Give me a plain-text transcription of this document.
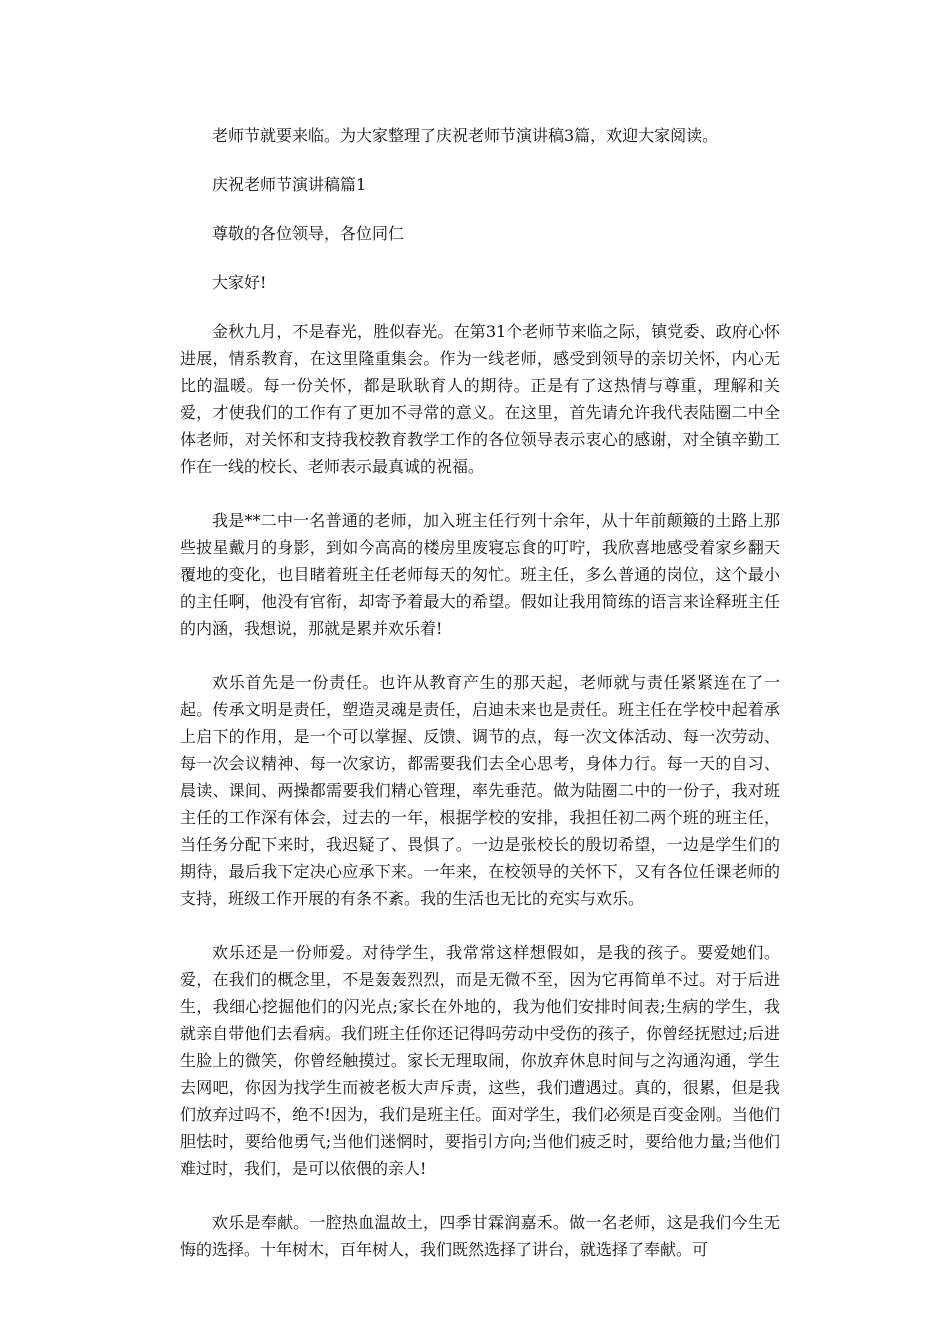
老师节就要来临。为大家整理了庆祝老师节演讲稿3篇，欢迎大家阅读。

庆祝老师节演讲稿篇1

尊敬的各位领导，各位同仁

大家好!

金秋九月，不是春光，胜似春光。在第31个老师节来临之际，镇党委、政府心怀进展，情系教育，在这里隆重集会。作为一线老师，感受到领导的亲切关怀，内心无比的温暖。每一份关怀，都是耿耿育人的期待。正是有了这热情与尊重，理解和关爱，才使我们的工作有了更加不寻常的意义。在这里，首先请允许我代表陆圈二中全体老师，对关怀和支持我校教育教学工作的各位领导表示衷心的感谢，对全镇辛勤工作在一线的校长、老师表示最真诚的祝福。

我是**二中一名普通的老师，加入班主任行列十余年，从十年前颠簸的土路上那些披星戴月的身影，到如今高高的楼房里废寝忘食的叮咛，我欣喜地感受着家乡翻天覆地的变化，也目睹着班主任老师每天的匆忙。班主任，多么普通的岗位，这个最小的主任啊，他没有官衔，却寄予着最大的希望。假如让我用简练的语言来诠释班主任的内涵，我想说，那就是累并欢乐着!

欢乐首先是一份责任。也许从教育产生的那天起，老师就与责任紧紧连在了一起。传承文明是责任，塑造灵魂是责任，启迪未来也是责任。班主任在学校中起着承上启下的作用，是一个可以掌握、反馈、调节的点，每一次文体活动、每一次劳动、每一次会议精神、每一次家访，都需要我们去全心思考，身体力行。每一天的自习、晨读、课间、两操都需要我们精心管理，率先垂范。做为陆圈二中的一份子，我对班主任的工作深有体会，过去的一年，根据学校的安排，我担任初二两个班的班主任，当任务分配下来时，我迟疑了、畏惧了。一边是张校长的殷切希望，一边是学生们的期待，最后我下定决心应承下来。一年来，在校领导的关怀下，又有各位任课老师的支持，班级工作开展的有条不紊。我的生活也无比的充实与欢乐。

欢乐还是一份师爱。对待学生，我常常这样想假如，是我的孩子。要爱她们。爱，在我们的概念里，不是轰轰烈烈，而是无微不至，因为它再简单不过。对于后进生，我细心挖掘他们的闪光点;家长在外地的，我为他们安排时间表;生病的学生，我就亲自带他们去看病。我们班主任你还记得吗劳动中受伤的孩子，你曾经抚慰过;后进生脸上的微笑，你曾经触摸过。家长无理取闹，你放弃休息时间与之沟通沟通，学生去网吧，你因为找学生而被老板大声斥责，这些，我们遭遇过。真的，很累，但是我们放弃过吗不，绝不!因为，我们是班主任。面对学生，我们必须是百变金刚。当他们胆怯时，要给他勇气;当他们迷惘时，要指引方向;当他们疲乏时，要给他力量;当他们难过时，我们，是可以依偎的亲人!

欢乐是奉献。一腔热血温故土，四季甘霖润嘉禾。做一名老师，这是我们今生无悔的选择。十年树木，百年树人，我们既然选择了讲台，就选择了奉献。可
